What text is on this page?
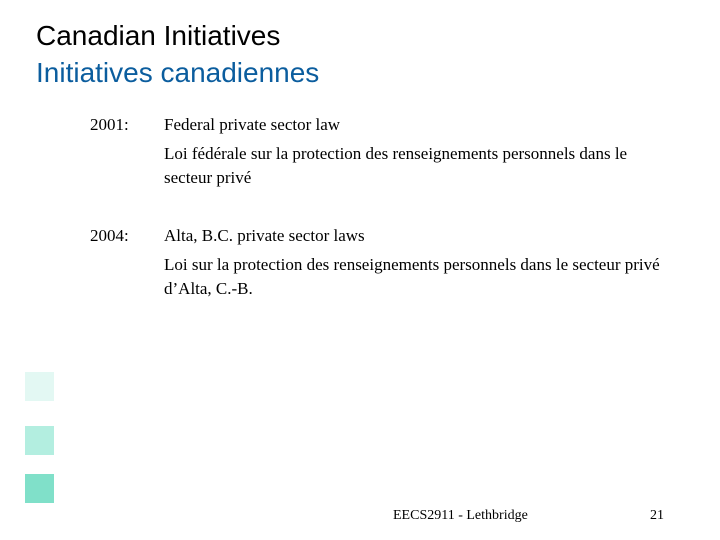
Canadian Initiatives
Initiatives canadiennes
2001: Federal private sector law
Loi fédérale sur la protection des renseignements personnels dans le secteur privé
2004: Alta, B.C. private sector laws
Loi sur la protection des renseignements personnels dans le secteur privé d’Alta, C.-B.
EECS2911 - Lethbridge	21
